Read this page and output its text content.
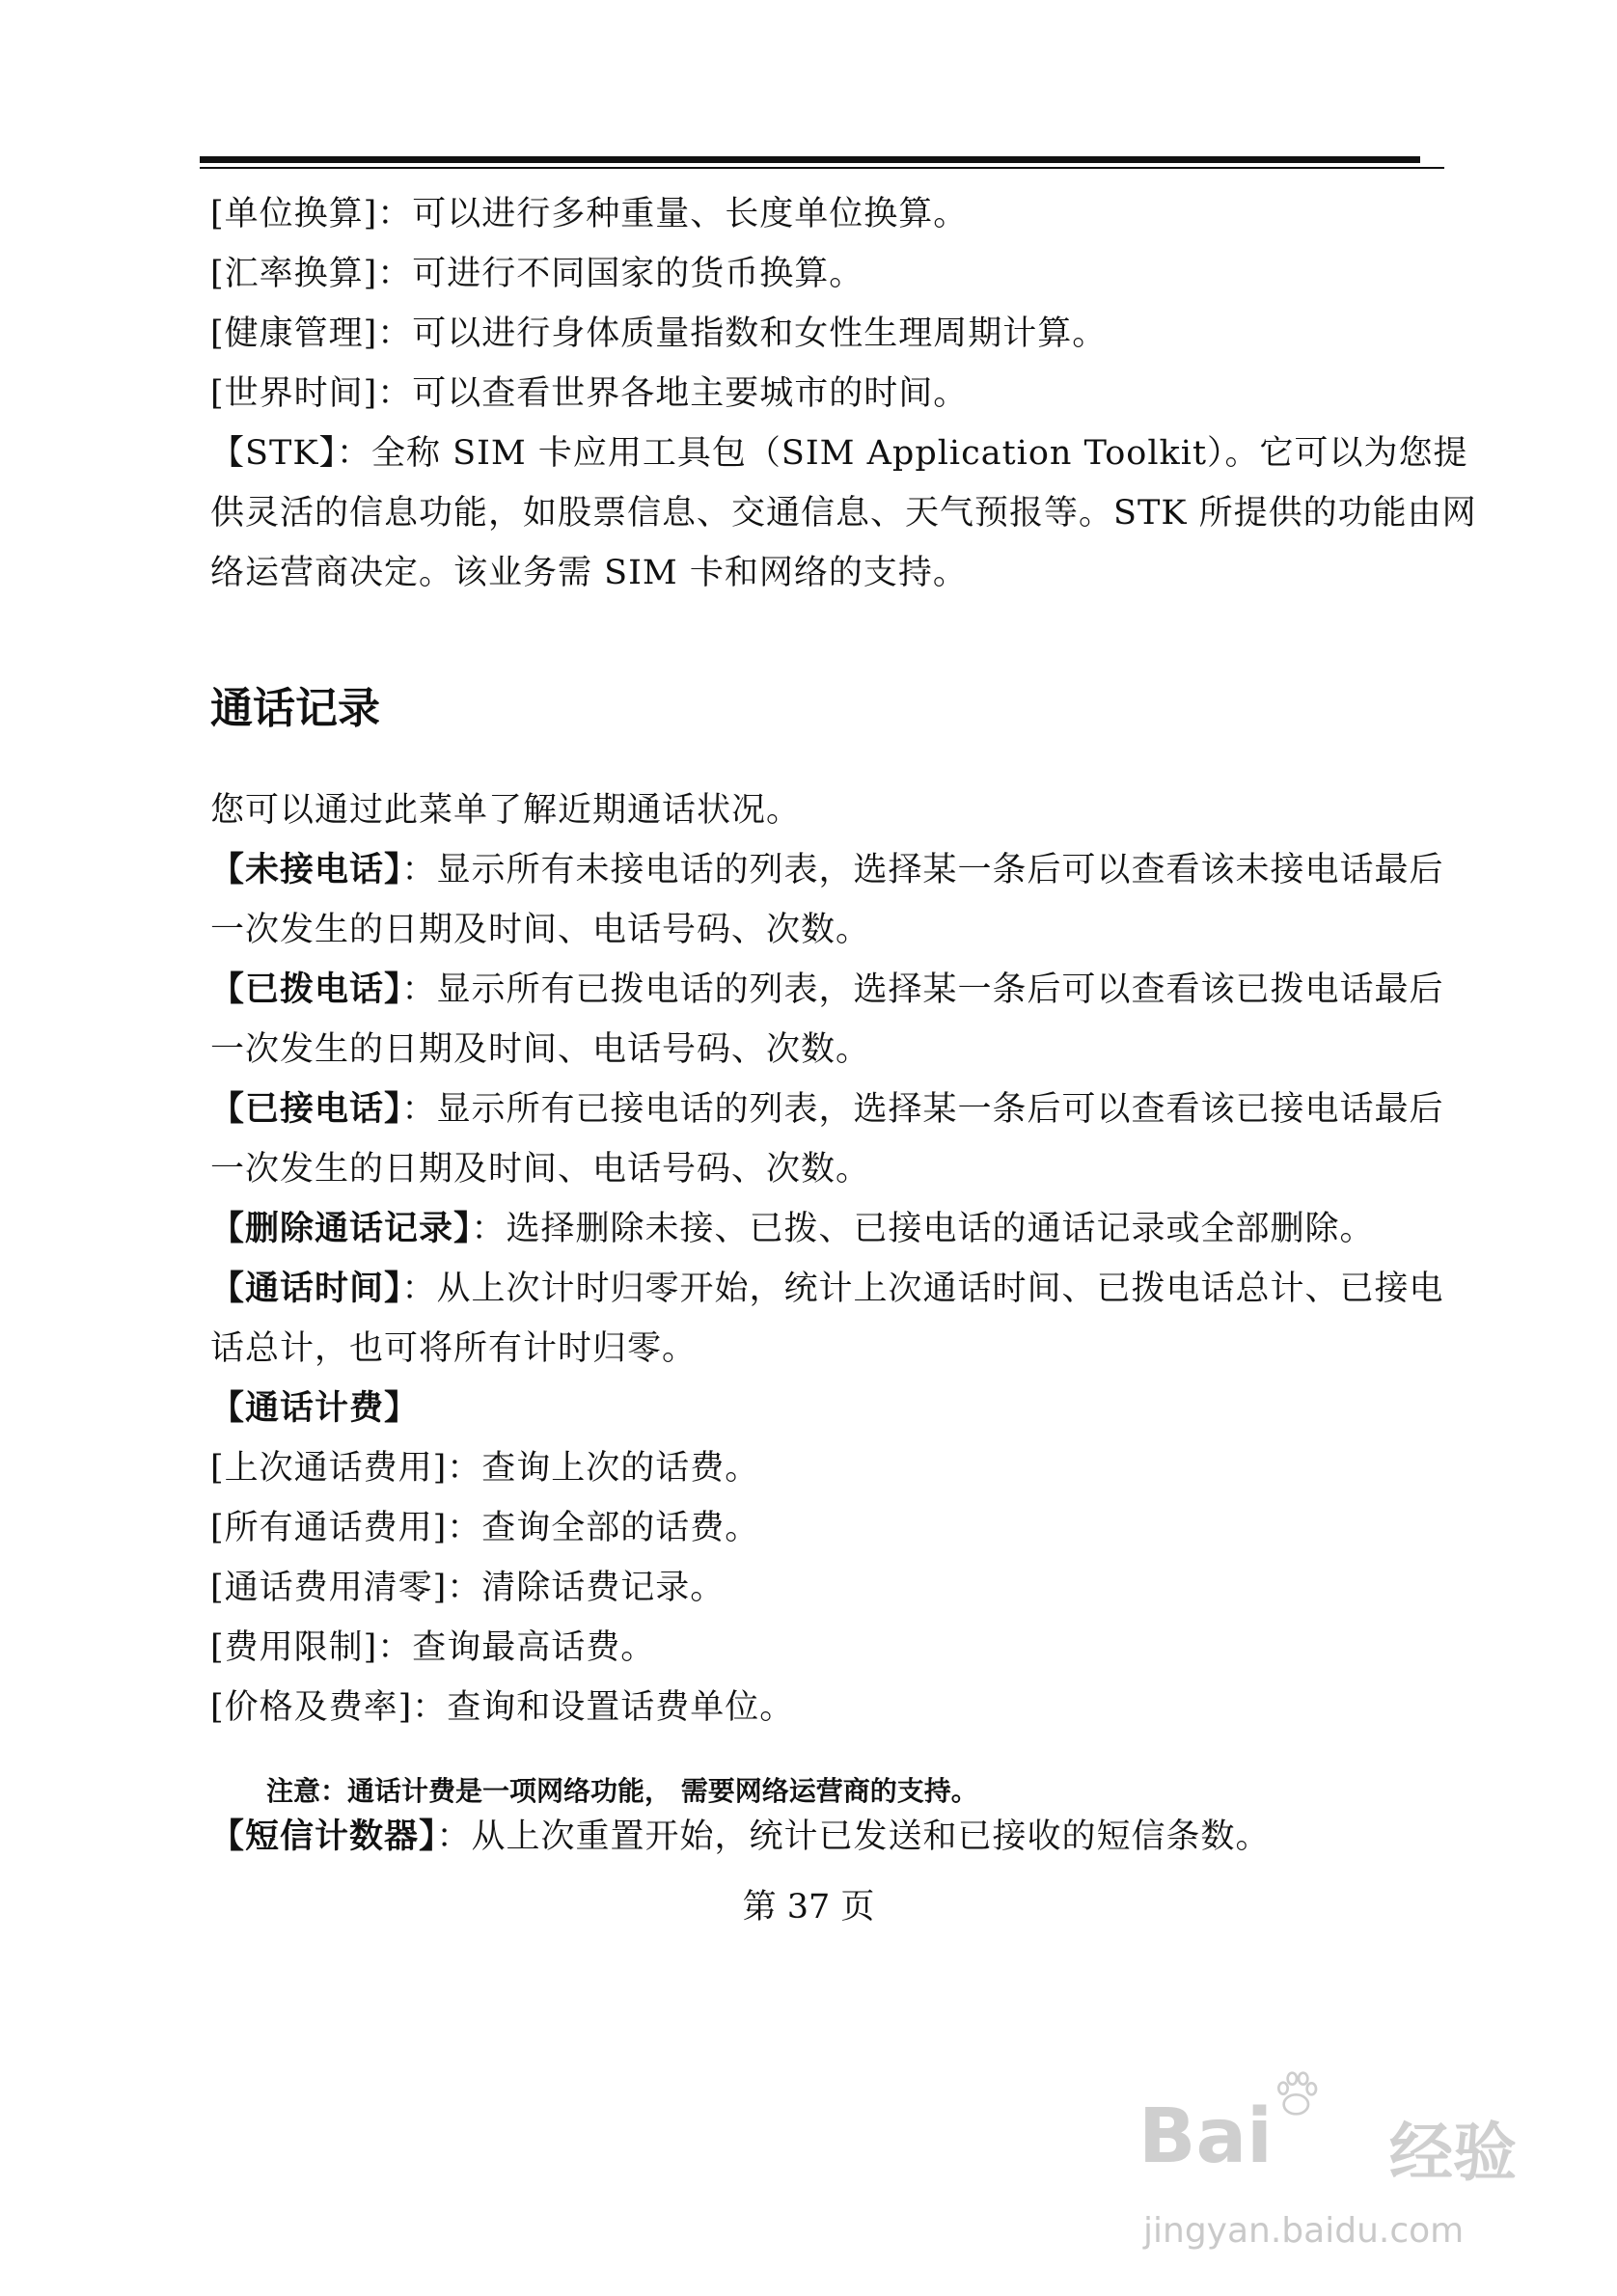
[单位换算]：可以进行多种重量、长度单位换算。
[汇率换算]：可进行不同国家的货币换算。
[健康管理]：可以进行身体质量指数和女性生理周期计算。
[世界时间]：可以查看世界各地主要城市的时间。
【STK】：全称 SIM 卡应用工具包（SIM Application Toolkit）。它可以为您提
供灵活的信息功能，如股票信息、交通信息、天气预报等。STK 所提供的功能由网
络运营商决定。该业务需 SIM 卡和网络的支持。
通话记录
您可以通过此菜单了解近期通话状况。
【未接电话】：显示所有未接电话的列表，选择某一条后可以查看该未接电话最后
一次发生的日期及时间、电话号码、次数。
【已拨电话】：显示所有已拨电话的列表，选择某一条后可以查看该已拨电话最后
一次发生的日期及时间、电话号码、次数。
【已接电话】：显示所有已接电话的列表，选择某一条后可以查看该已接电话最后
一次发生的日期及时间、电话号码、次数。
【删除通话记录】：选择删除未接、已拨、已接电话的通话记录或全部删除。
【通话时间】：从上次计时归零开始，统计上次通话时间、已拨电话总计、已接电
话总计，也可将所有计时归零。
【通话计费】
[上次通话费用]：查询上次的话费。
[所有通话费用]：查询全部的话费。
[通话费用清零]：清除话费记录。
[费用限制]：查询最高话费。
[价格及费率]：查询和设置话费单位。
注意：通话计费是一项网络功能， 需要网络运营商的支持。
【短信计数器】：从上次重置开始，统计已发送和已接收的短信条数。
第 37 页
Bai 经验
jingyan.baidu.com
